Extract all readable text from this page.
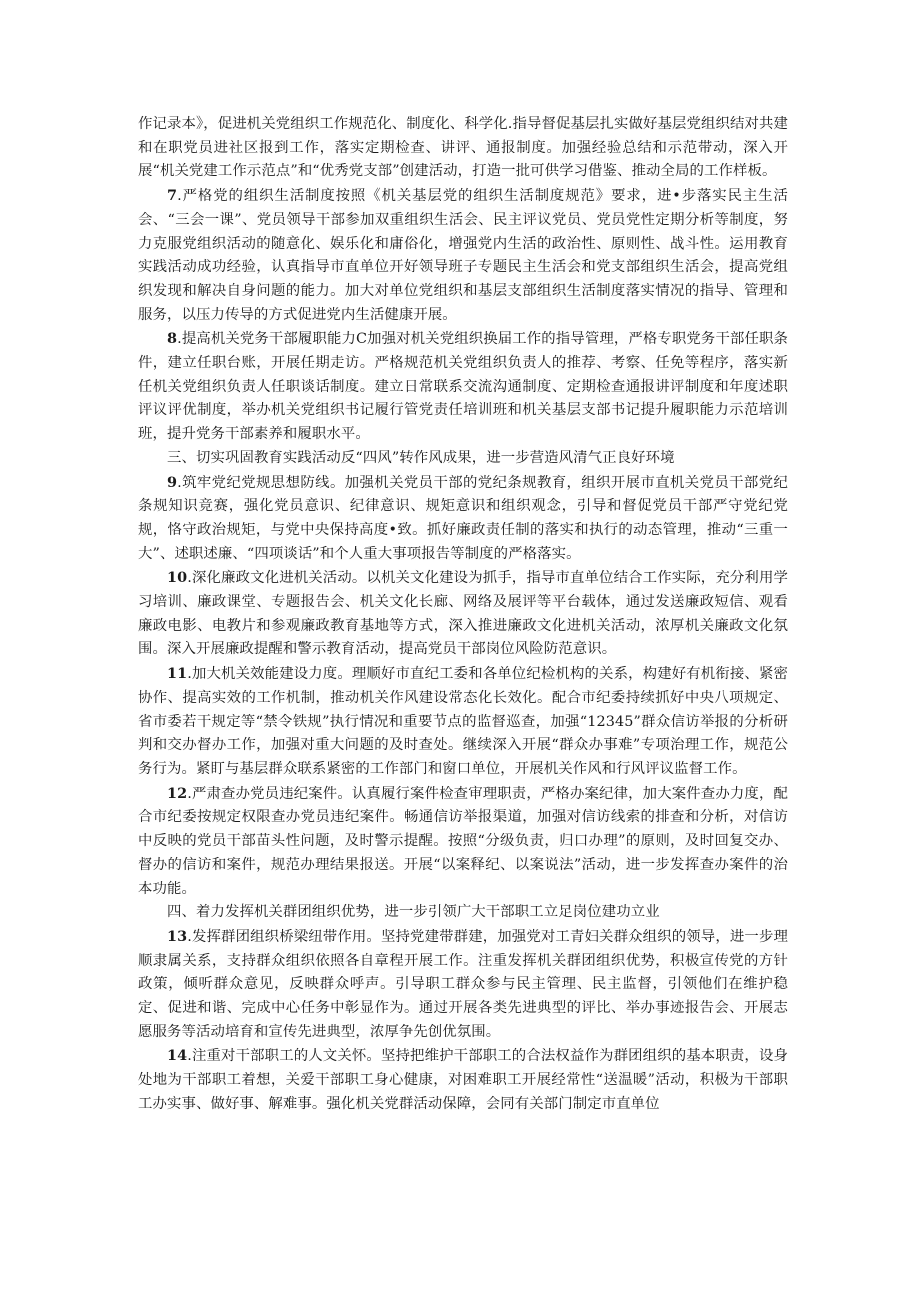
作记录本》，促进机关党组织工作规范化、制度化、科学化.指导督促基层扎实做好基层党组织结对共建和在职党员进社区报到工作，落实定期检查、讲评、通报制度。加强经验总结和示范带动，深入开展“机关党建工作示范点”和“优秀党支部”创建活动，打造一批可供学习借鉴、推动全局的工作样板。

7.严格党的组织生活制度按照《机关基层党的组织生活制度规范》要求，进•步落实民主生活会、“三会一课”、党员领导干部参加双重组织生活会、民主评议党员、党员党性定期分析等制度，努力克服党组织活动的随意化、娱乐化和庸俗化，增强党内生活的政治性、原则性、战斗性。运用教育实践活动成功经验，认真指导市直单位开好领导班子专题民主生活会和党支部组织生活会，提高党组织发现和解决自身问题的能力。加大对单位党组织和基层支部组织生活制度落实情况的指导、管理和服务，以压力传导的方式促进党内生活健康开展。

8.提高机关党务干部履职能力C加强对机关党组织换届工作的指导管理，严格专职党务干部任职条件，建立任职台账，开展任期走访。严格规范机关党组织负责人的推荐、考察、任免等程序，落实新任机关党组织负责人任职谈话制度。建立日常联系交流沟通制度、定期检查通报讲评制度和年度述职评议评优制度，举办机关党组织书记履行管党责任培训班和机关基层支部书记提升履职能力示范培训班，提升党务干部素养和履职水平。

三、切实巩固教育实践活动反“四风”转作风成果，进一步营造风清气正良好环境

9.筑牢党纪党规思想防线。加强机关党员干部的党纪条规教育，组织开展市直机关党员干部党纪条规知识竞赛，强化党员意识、纪律意识、规矩意识和组织观念，引导和督促党员干部严守党纪党规，恪守政治规矩，与党中央保持高度•致。抓好廉政责任制的落实和执行的动态管理，推动“三重一大”、述职述廉、“四项谈话”和个人重大事项报告等制度的严格落实。

10.深化廉政文化进机关活动。以机关文化建设为抓手，指导市直单位结合工作实际，充分利用学习培训、廉政课堂、专题报告会、机关文化长廊、网络及展评等平台载体，通过发送廉政短信、观看廉政电影、电教片和参观廉政教育基地等方式，深入推进廉政文化进机关活动，浓厚机关廉政文化氛围。深入开展廉政提醒和警示教育活动，提高党员干部岗位风险防范意识。

11.加大机关效能建设力度。理顺好市直纪工委和各单位纪检机构的关系，构建好有机衔接、紧密协作、提高实效的工作机制，推动机关作风建设常态化长效化。配合市纪委持续抓好中央八项规定、省市委若干规定等“禁令铁规”执行情况和重要节点的监督巡查，加强“12345”群众信访举报的分析研判和交办督办工作，加强对重大问题的及时查处。继续深入开展“群众办事难”专项治理工作，规范公务行为。紧盯与基层群众联系紧密的工作部门和窗口单位，开展机关作风和行风评议监督工作。

12.严肃查办党员违纪案件。认真履行案件检查审理职责，严格办案纪律，加大案件查办力度，配合市纪委按规定权限查办党员违纪案件。畅通信访举报渠道，加强对信访线索的排查和分析，对信访中反映的党员干部苗头性问题，及时警示提醒。按照“分级负责，归口办理”的原则，及时回复交办、督办的信访和案件，规范办理结果报送。开展“以案释纪、以案说法”活动，进一步发挥查办案件的治本功能。

四、着力发挥机关群团组织优势，进一步引领广大干部职工立足岗位建功立业

13.发挥群团组织桥梁纽带作用。坚持党建带群建，加强党对工青妇关群众组织的领导，进一步理顺隶属关系，支持群众组织依照各自章程开展工作。注重发挥机关群团组织优势，积极宣传党的方针政策，倾听群众意见，反映群众呼声。引导职工群众参与民主管理、民主监督，引领他们在维护稳定、促进和谐、完成中心任务中彰显作为。通过开展各类先进典型的评比、举办事迹报告会、开展志愿服务等活动培育和宣传先进典型，浓厚争先创优氛围。

14.注重对干部职工的人文关怀。坚持把维护干部职工的合法权益作为群团组织的基本职责，设身处地为干部职工着想，关爱干部职工身心健康，对困难职工开展经常性“送温暖”活动，积极为干部职工办实事、做好事、解难事。强化机关党群活动保障，会同有关部门制定市直单位
